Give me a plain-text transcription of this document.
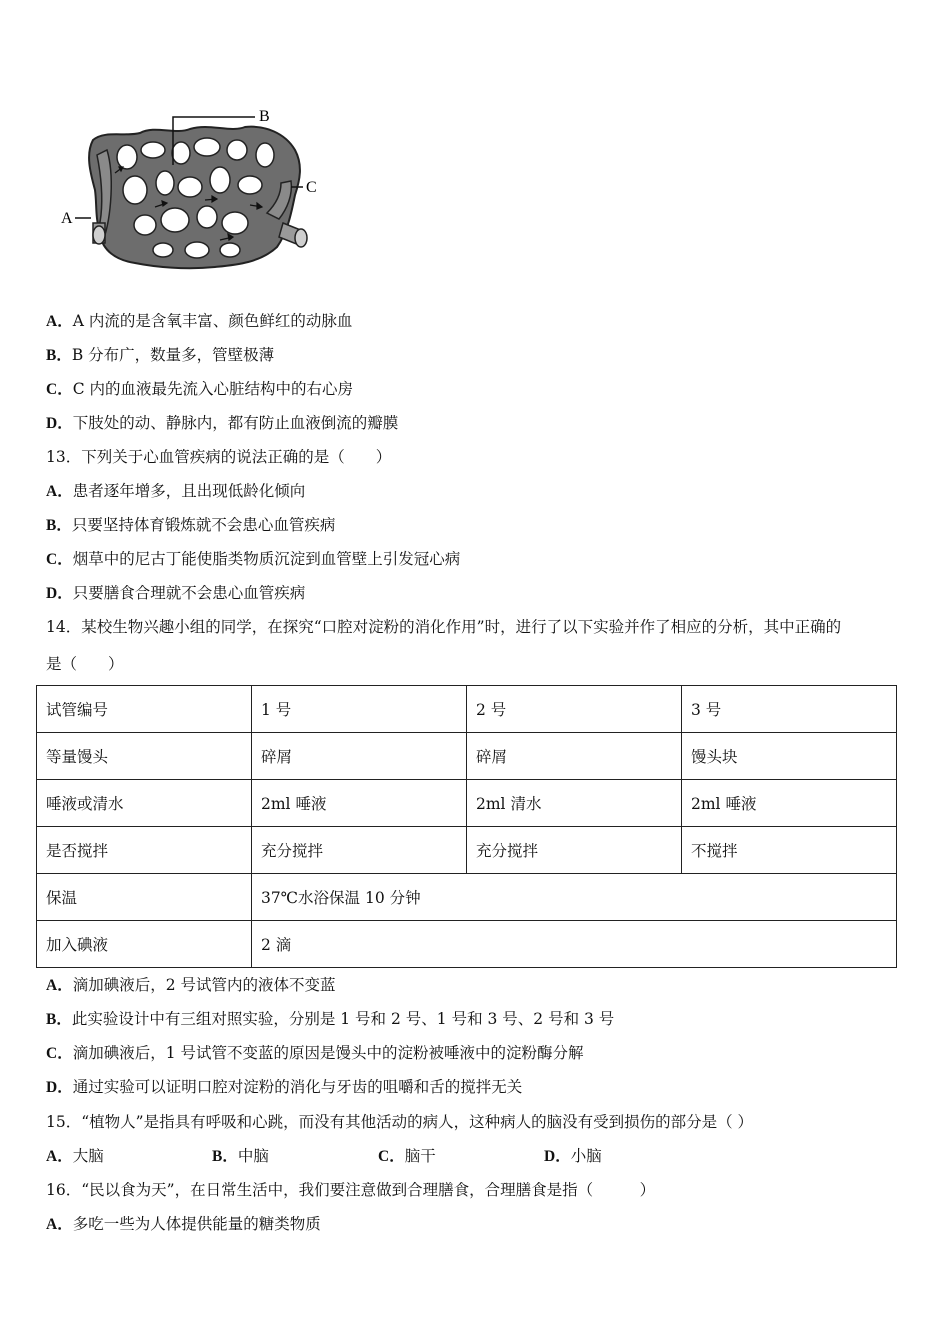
A
B
C
A．A 内流的是含氧丰富、颜色鲜红的动脉血
B．B 分布广，数量多，管壁极薄
C．C 内的血液最先流入心脏结构中的右心房
D．下肢处的动、静脉内，都有防止血液倒流的瓣膜
13．下列关于心血管疾病的说法正确的是（　　）
A．患者逐年增多，且出现低龄化倾向
B．只要坚持体育锻炼就不会患心血管疾病
C．烟草中的尼古丁能使脂类物质沉淀到血管壁上引发冠心病
D．只要膳食合理就不会患心血管疾病
14．某校生物兴趣小组的同学，在探究“口腔对淀粉的消化作用”时，进行了以下实验并作了相应的分析，其中正确的
是（　　）
试管编号	1 号	2 号	3 号
等量馒头	碎屑	碎屑	馒头块
唾液或清水	2ml 唾液	2ml 清水	2ml 唾液
是否搅拌	充分搅拌	充分搅拌	不搅拌
保温	37℃水浴保温 10 分钟		
加入碘液	2 滴		
A．滴加碘液后，2 号试管内的液体不变蓝
B．此实验设计中有三组对照实验，分别是 1 号和 2 号、1 号和 3 号、2 号和 3 号
C．滴加碘液后，1 号试管不变蓝的原因是馒头中的淀粉被唾液中的淀粉酶分解
D．通过实验可以证明口腔对淀粉的消化与牙齿的咀嚼和舌的搅拌无关
15．“植物人”是指具有呼吸和心跳，而没有其他活动的病人，这种病人的脑没有受到损伤的部分是（ ）
A．大脑	B．中脑	C．脑干	D．小脑
16．“民以食为天”，在日常生活中，我们要注意做到合理膳食，合理膳食是指（　　　）
A．多吃一些为人体提供能量的糖类物质
